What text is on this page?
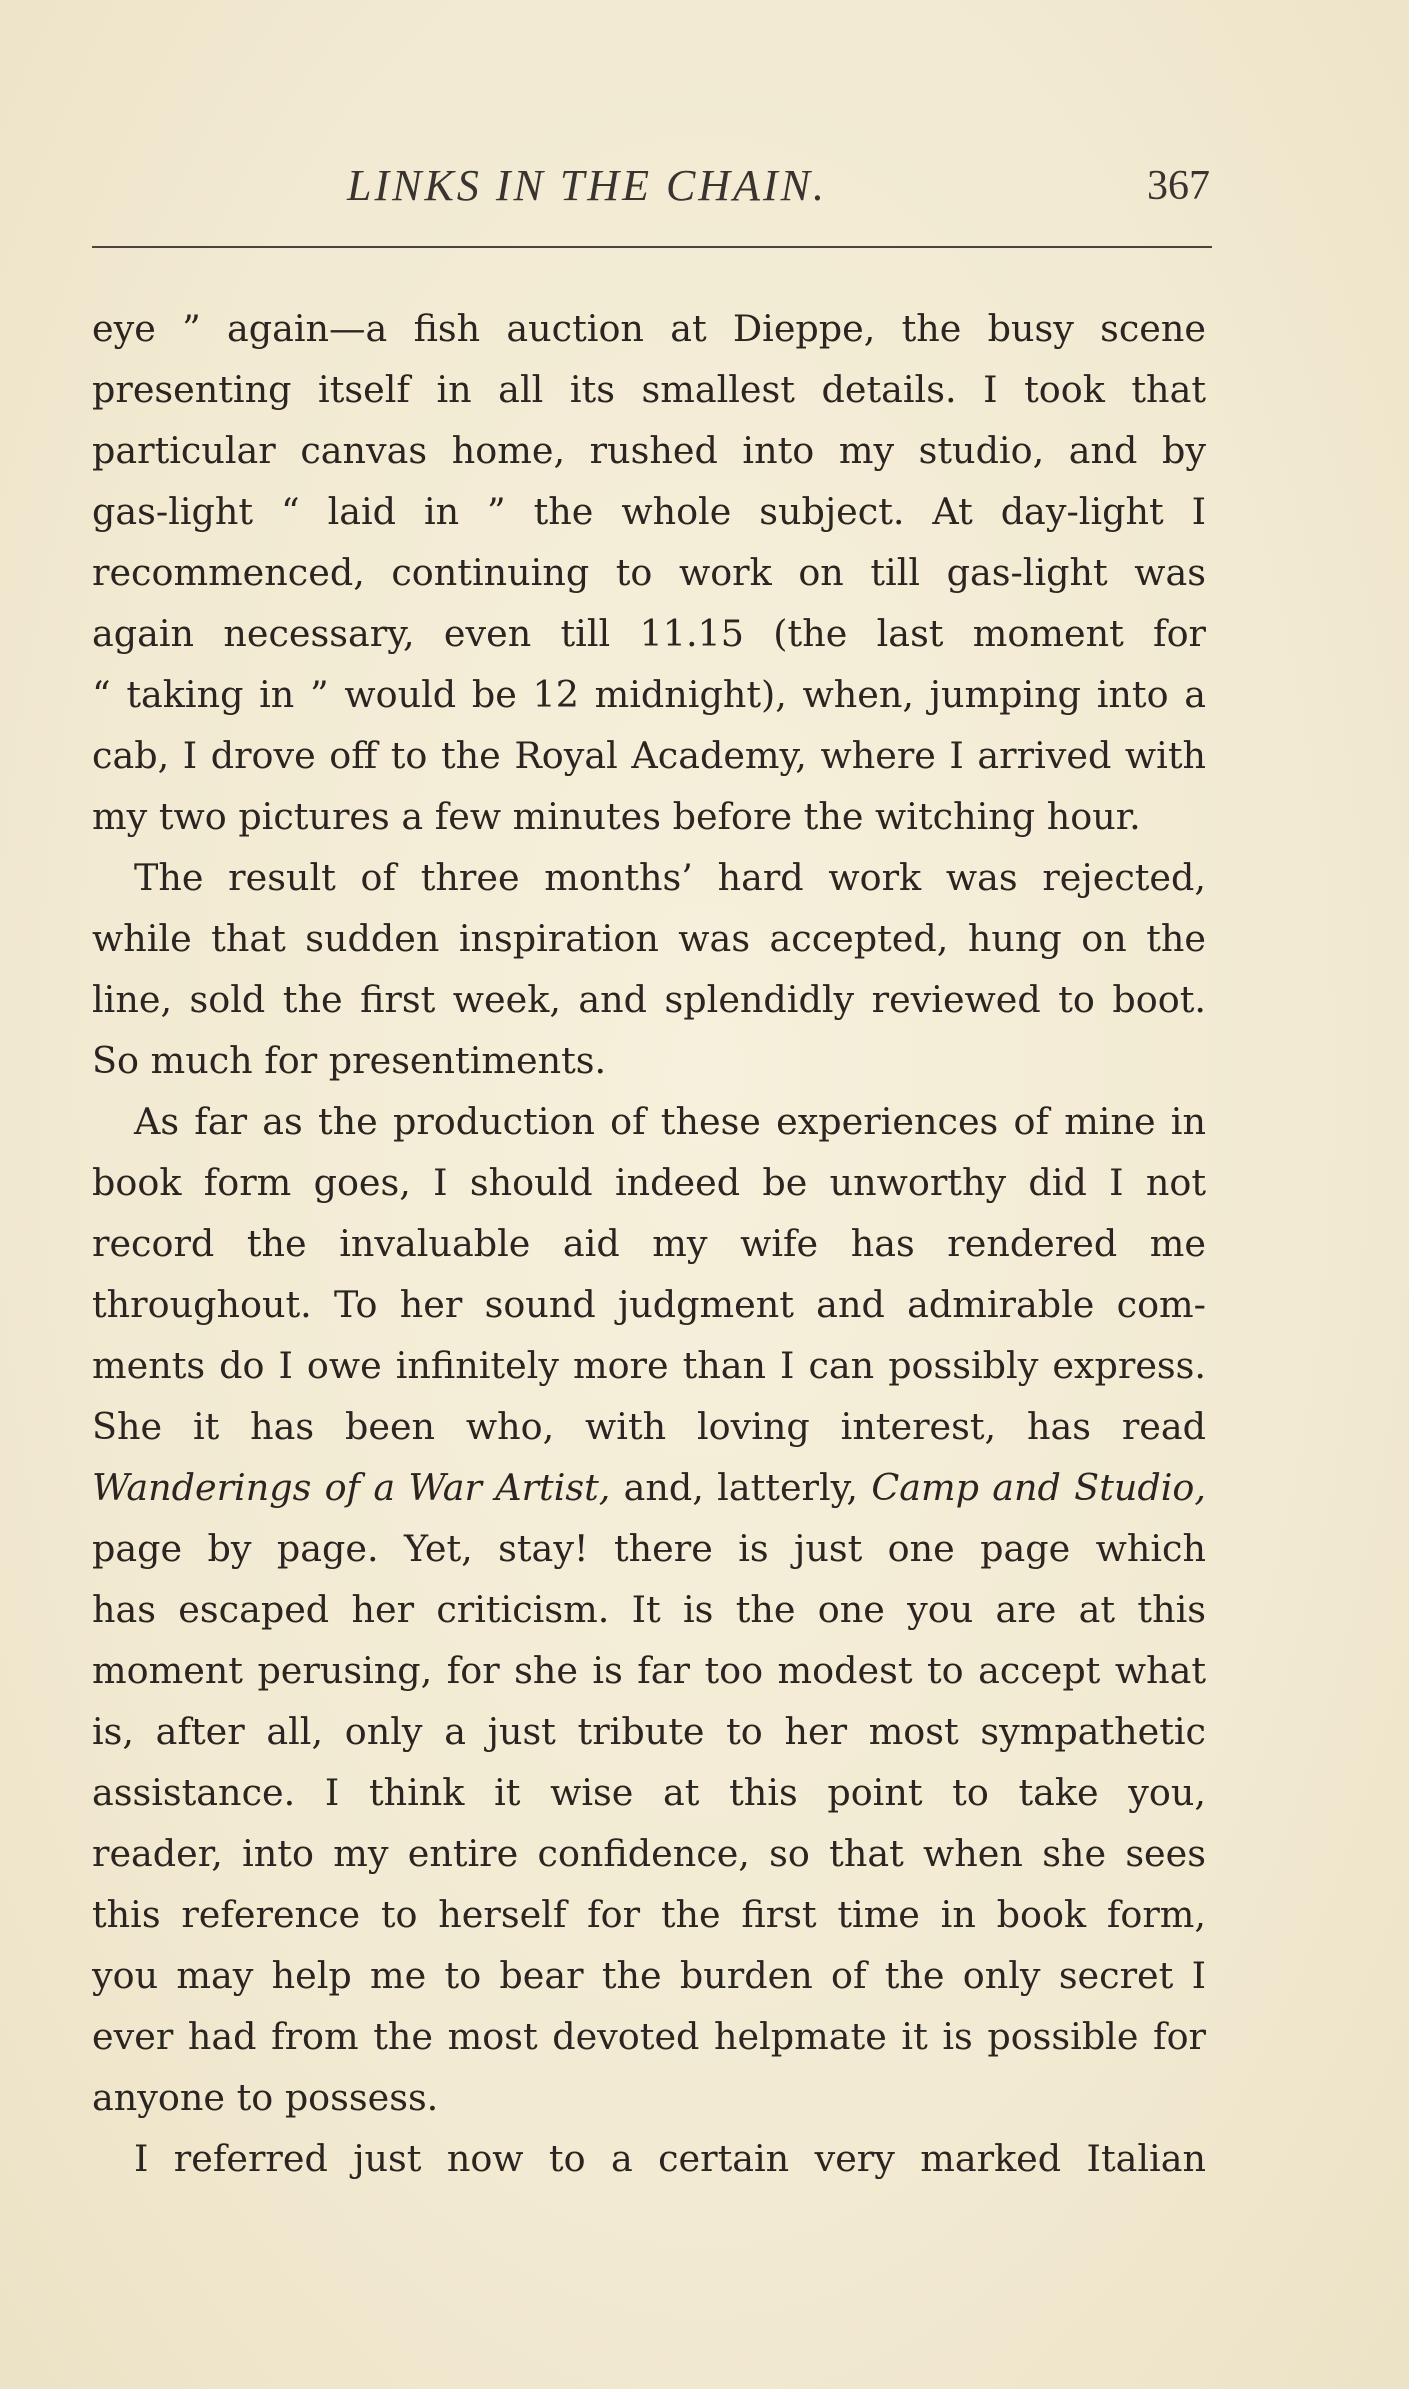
LINKS IN THE CHAIN.	367
eye ” again—a fish auction at Dieppe, the busy scene
presenting itself in all its smallest details. I took that
particular canvas home, rushed into my studio, and by
gas-light “ laid in ” the whole subject. At day-light I
recommenced, continuing to work on till gas-light was
again necessary, even till 11.15 (the last moment for
“ taking in ” would be 12 midnight), when, jumping into a
cab, I drove off to the Royal Academy, where I arrived with
my two pictures a few minutes before the witching hour.
The result of three months’ hard work was rejected,
while that sudden inspiration was accepted, hung on the
line, sold the first week, and splendidly reviewed to boot.
So much for presentiments.
As far as the production of these experiences of mine in
book form goes, I should indeed be unworthy did I not
record the invaluable aid my wife has rendered me
throughout. To her sound judgment and admirable com-
ments do I owe infinitely more than I can possibly express.
She it has been who, with loving interest, has read
Wanderings of a War Artist, and, latterly, Camp and Studio,
page by page. Yet, stay! there is just one page which
has escaped her criticism. It is the one you are at this
moment perusing, for she is far too modest to accept what
is, after all, only a just tribute to her most sympathetic
assistance. I think it wise at this point to take you,
reader, into my entire confidence, so that when she sees
this reference to herself for the first time in book form,
you may help me to bear the burden of the only secret I
ever had from the most devoted helpmate it is possible for
anyone to possess.
I referred just now to a certain very marked Italian
